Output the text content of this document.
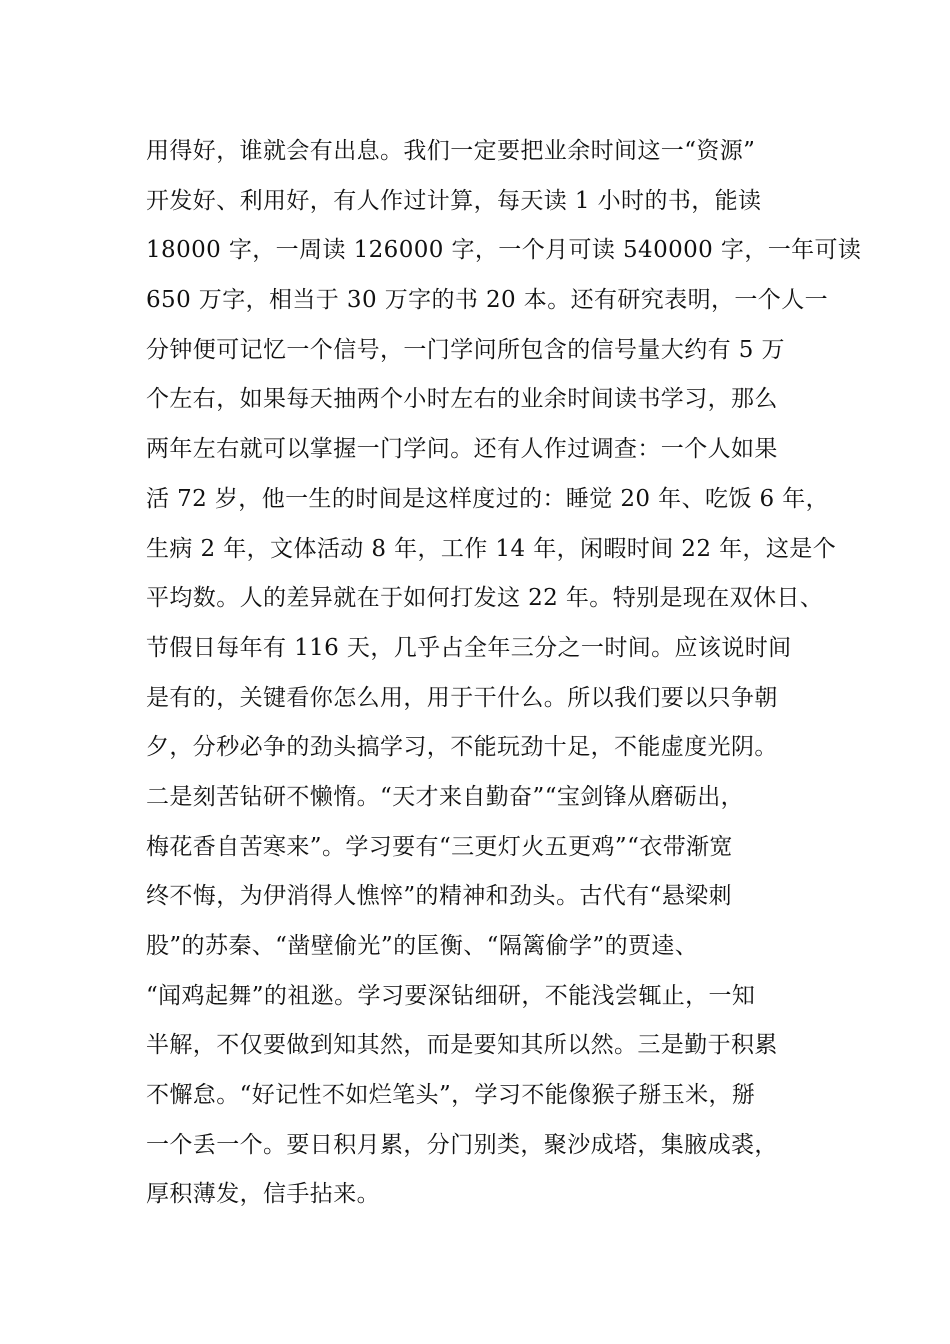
用得好，谁就会有出息。我们一定要把业余时间这一“资源”
开发好、利用好，有人作过计算，每天读 1 小时的书，能读
18000 字，一周读 126000 字，一个月可读 540000 字，一年可读
650 万字，相当于 30 万字的书 20 本。还有研究表明，一个人一
分钟便可记忆一个信号，一门学问所包含的信号量大约有 5 万
个左右，如果每天抽两个小时左右的业余时间读书学习，那么
两年左右就可以掌握一门学问。还有人作过调查：一个人如果
活 72 岁，他一生的时间是这样度过的：睡觉 20 年、吃饭 6 年，
生病 2 年，文体活动 8 年，工作 14 年，闲暇时间 22 年，这是个
平均数。人的差异就在于如何打发这 22 年。特别是现在双休日、
节假日每年有 116 天，几乎占全年三分之一时间。应该说时间
是有的，关键看你怎么用，用于干什么。所以我们要以只争朝
夕，分秒必争的劲头搞学习，不能玩劲十足，不能虚度光阴。
二是刻苦钻研不懒惰。“天才来自勤奋”“宝剑锋从磨砺出，
梅花香自苦寒来”。学习要有“三更灯火五更鸡”“衣带渐宽
终不悔，为伊消得人憔悴”的精神和劲头。古代有“悬梁刺
股”的苏秦、“凿壁偷光”的匡衡、“隔篱偷学”的贾逵、
“闻鸡起舞”的祖逖。学习要深钻细研，不能浅尝辄止，一知
半解，不仅要做到知其然，而是要知其所以然。三是勤于积累
不懈怠。“好记性不如烂笔头”，学习不能像猴子掰玉米，掰
一个丢一个。要日积月累，分门别类，聚沙成塔，集腋成裘，
厚积薄发，信手拈来。
